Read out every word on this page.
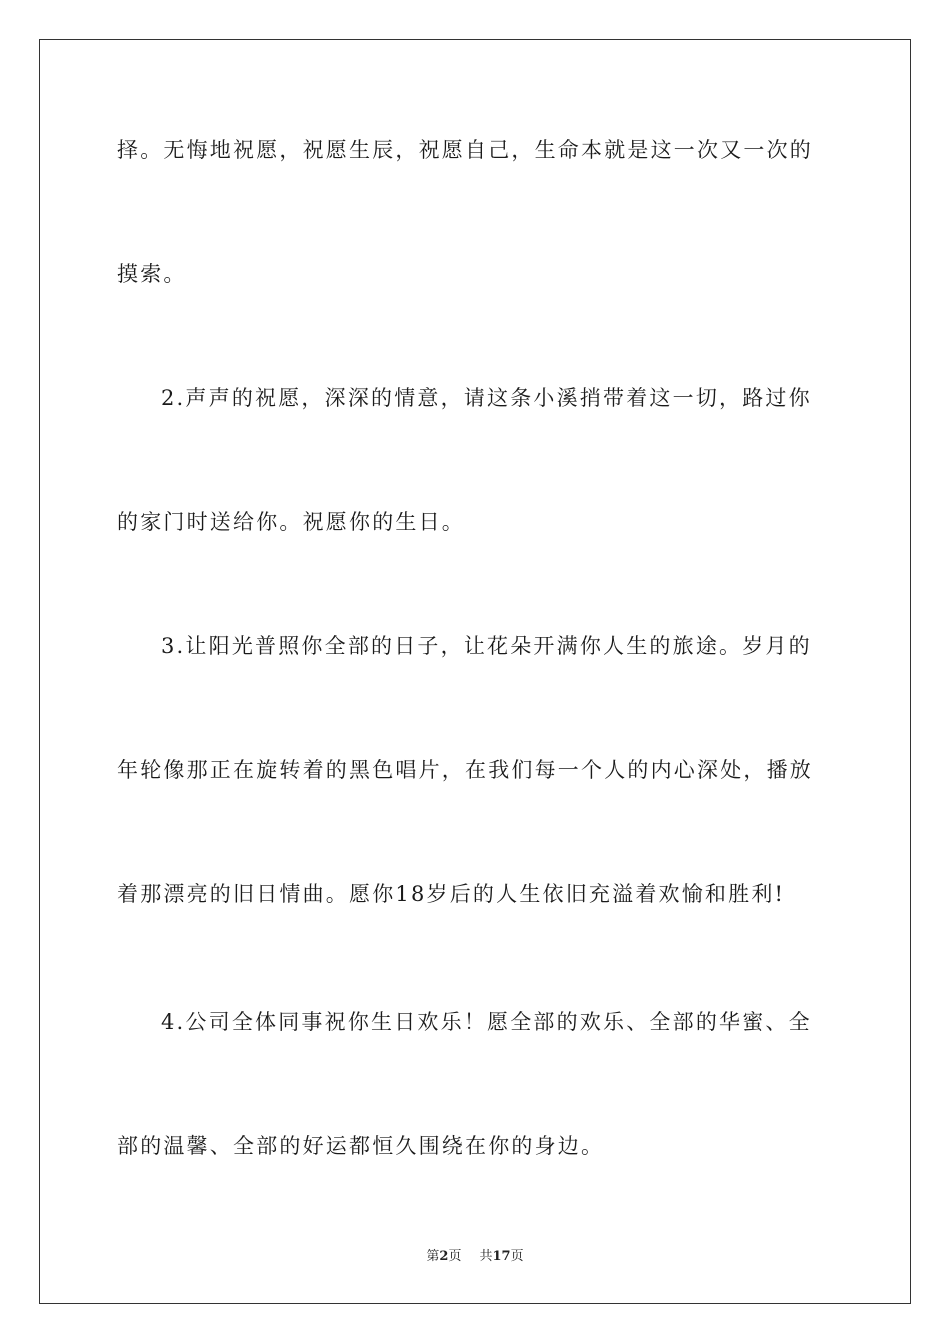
择。无悔地祝愿，祝愿生辰，祝愿自己，生命本就是这一次又一次的
摸索。
2.声声的祝愿，深深的情意，请这条小溪捎带着这一切，路过你
的家门时送给你。祝愿你的生日。
3.让阳光普照你全部的日子，让花朵开满你人生的旅途。岁月的
年轮像那正在旋转着的黑色唱片，在我们每一个人的内心深处，播放
着那漂亮的旧日情曲。愿你18岁后的人生依旧充溢着欢愉和胜利!
4.公司全体同事祝你生日欢乐！愿全部的欢乐、全部的华蜜、全
部的温馨、全部的好运都恒久围绕在你的身边。
第2页 共17页
